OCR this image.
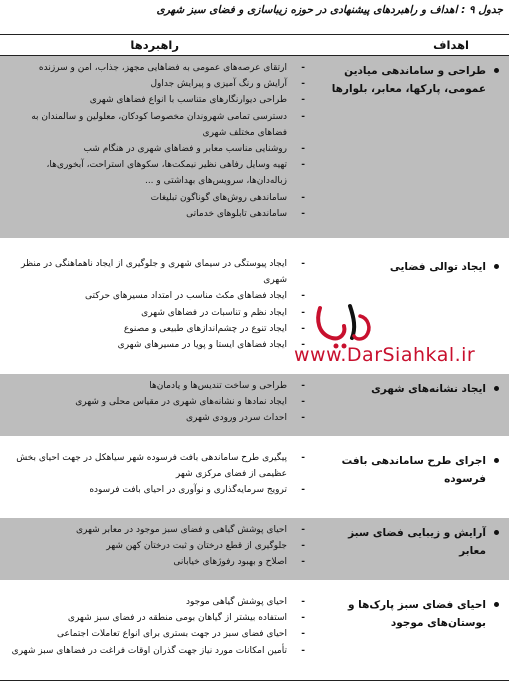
جدول ۹ : اهداف و راهبردهای پیشنهادی در حوزه زیباسازی و فضای سبز شهری
اهداف
راهبردها
طراحی و ساماندهی میادین عمومی، پارکها، معابر، بلوارها
- ارتقای عرصه‌های عمومی به فضاهایی مجهز، جذاب، امن و سرزنده
- آرایش و رنگ آمیزی و پیرایش جداول
- طراحی دیوارنگارهای متناسب با انواع فضاهای شهری
- دسترسی تمامی شهروندان مخصوصا کودکان، معلولین و سالمندان به فضاهای مختلف شهری
- روشنایی مناسب معابر و فضاهای شهری در هنگام شب
- تهیه وسایل رفاهی نظیر نیمکت‌ها، سکوهای استراحت، آبخوری‌ها، زباله‌دان‌ها، سرویس‌های بهداشتی و ...
- ساماندهی روش‌های گوناگون تبلیغات
- ساماندهی تابلوهای خدماتی
ایجاد توالی فضایی
- ایجاد پیوستگی در سیمای شهری و جلوگیری از ایجاد ناهماهنگی در منظر شهری
- ایجاد فضاهای مکث مناسب در امتداد مسیرهای حرکتی
- ایجاد نظم و تناسبات در فضاهای شهری
- ایجاد تنوع در چشم‌اندازهای طبیعی و مصنوع
- ایجاد فضاهای ایستا و پویا در مسیرهای شهری
ایجاد نشانه‌های شهری
- طراحی و ساخت تندیس‌ها و یادمان‌ها
- ایجاد نمادها و نشانه‌های شهری در مقیاس محلی و شهری
- احداث سردر ورودی شهری
اجرای طرح ساماندهی بافت فرسوده
- پیگیری طرح ساماندهی بافت فرسوده شهر سیاهکل در جهت احیای بخش عظیمی از فضای مرکزی شهر
- ترویج سرمایه‌گذاری و نوآوری در احیای بافت فرسوده
آرایش و زیبایی فضای سبز معابر
- احیای پوشش گیاهی و فضای سبز موجود در معابر شهری
- جلوگیری از قطع درختان و ثبت درختان کهن شهر
- اصلاح و بهبود رفوژهای خیابانی
احیای فضای سبز پارک‌ها و بوستان‌های موجود
- احیای پوشش گیاهی موجود
- استفاده بیشتر از گیاهان بومی منطقه در فضای سبز شهری
- احیای فضای سبز در جهت بستری برای انواع تعاملات اجتماعی
- تأمین امکانات مورد نیاز جهت گذران اوقات فراغت در فضاهای سبز شهری
www.DarSiahkal.ir
